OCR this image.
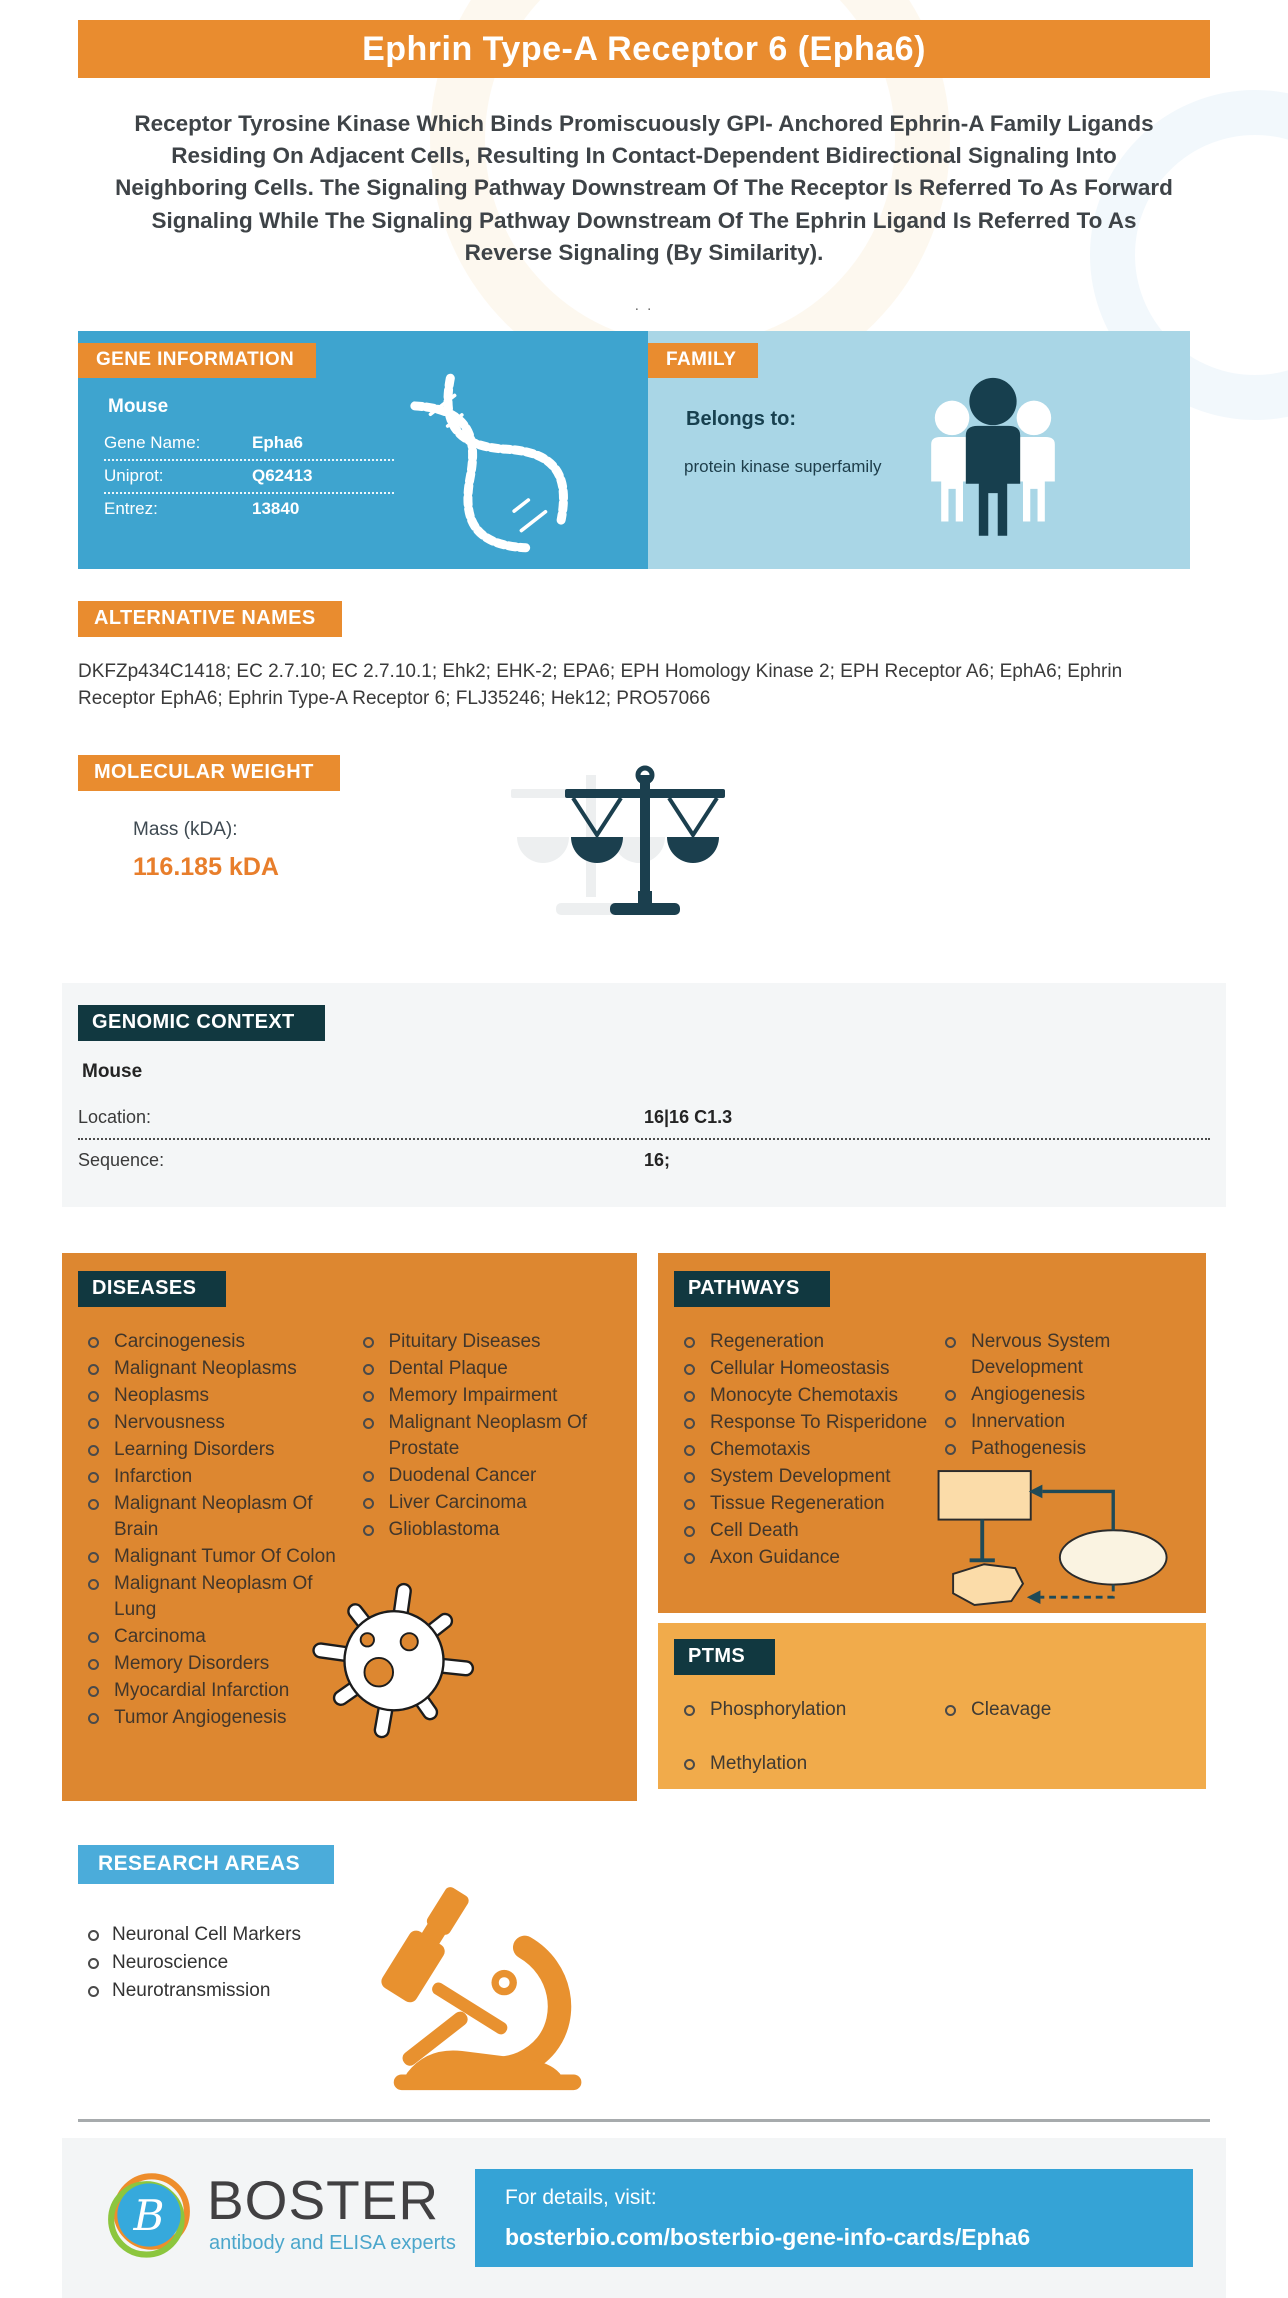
Ephrin Type-A Receptor 6 (Epha6)

Receptor Tyrosine Kinase Which Binds Promiscuously GPI- Anchored Ephrin-A Family Ligands Residing On Adjacent Cells, Resulting In Contact-Dependent Bidirectional Signaling Into Neighboring Cells. The Signaling Pathway Downstream Of The Receptor Is Referred To As Forward Signaling While The Signaling Pathway Downstream Of The Ephrin Ligand Is Referred To As Reverse Signaling (By Similarity).

. .
GENE INFORMATION
Mouse
Gene Name:	Epha6
Uniprot:	Q62413
Entrez:	13840
FAMILY
Belongs to:
protein kinase superfamily
ALTERNATIVE NAMES

DKFZp434C1418; EC 2.7.10; EC 2.7.10.1; Ehk2; EHK-2; EPA6; EPH Homology Kinase 2; EPH Receptor A6; EphA6; Ephrin Receptor EphA6; Ephrin Type-A Receptor 6; FLJ35246; Hek12; PRO57066

MOLECULAR WEIGHT
Mass (kDA):
116.185 kDA
GENOMIC CONTEXT
Mouse
Location:	16|16 C1.3
Sequence:	16;
DISEASES
Carcinogenesis
Malignant Neoplasms
Neoplasms
Nervousness
Learning Disorders
Infarction
Malignant Neoplasm Of Brain
Malignant Tumor Of Colon
Malignant Neoplasm Of Lung
Carcinoma
Memory Disorders
Myocardial Infarction
Tumor Angiogenesis
Pituitary Diseases
Dental Plaque
Memory Impairment
Malignant Neoplasm Of Prostate
Duodenal Cancer
Liver Carcinoma
Glioblastoma
PATHWAYS
Regeneration
Cellular Homeostasis
Monocyte Chemotaxis
Response To Risperidone
Chemotaxis
System Development
Tissue Regeneration
Cell Death
Axon Guidance
Nervous System Development
Angiogenesis
Innervation
Pathogenesis
PTMS
Phosphorylation
Methylation
Cleavage
RESEARCH AREAS
Neuronal Cell Markers
Neuroscience
Neurotransmission
B BOSTER
antibody and ELISA experts
For details, visit:
bosterbio.com/bosterbio-gene-info-cards/Epha6
